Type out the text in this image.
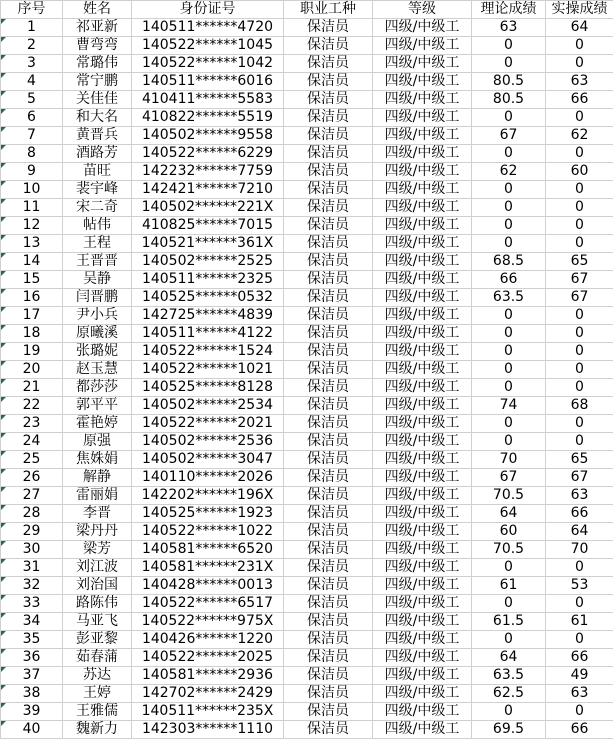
序号	姓名	身份证号	职业工种	等级	理论成绩	实操成绩

1	祁亚新	140511******4720	保洁员	四级/中级工	63	64

2	曹弯弯	140522******1045	保洁员	四级/中级工	0	0

3	常璐伟	140522******1042	保洁员	四级/中级工	0	0

4	常宁鹏	140511******6016	保洁员	四级/中级工	80.5	63

5	关佳佳	410411******5583	保洁员	四级/中级工	80.5	66

6	和大名	410822******5519	保洁员	四级/中级工	0	0

7	黄晋兵	140502******9558	保洁员	四级/中级工	67	62

8	酒路芳	140522******6229	保洁员	四级/中级工	0	0

9	苗旺	142232******7759	保洁员	四级/中级工	62	60

10	裴宇峰	142421******7210	保洁员	四级/中级工	0	0

11	宋二奇	140502******221X	保洁员	四级/中级工	0	0

12	帖伟	410825******7015	保洁员	四级/中级工	0	0

13	王程	140521******361X	保洁员	四级/中级工	0	0

14	王晋晋	140502******2525	保洁员	四级/中级工	68.5	65

15	吴静	140511******2325	保洁员	四级/中级工	66	67

16	闫晋鹏	140525******0532	保洁员	四级/中级工	63.5	67

17	尹小兵	142725******4839	保洁员	四级/中级工	0	0

18	原曦溪	140511******4122	保洁员	四级/中级工	0	0

19	张璐妮	140522******1524	保洁员	四级/中级工	0	0

20	赵玉慧	140522******1021	保洁员	四级/中级工	0	0

21	都莎莎	140525******8128	保洁员	四级/中级工	0	0

22	郭平平	140502******2534	保洁员	四级/中级工	74	68

23	霍艳婷	140522******2021	保洁员	四级/中级工	0	0

24	原强	140502******2536	保洁员	四级/中级工	0	0

25	焦姝娟	140502******3047	保洁员	四级/中级工	70	65

26	解静	140110******2026	保洁员	四级/中级工	67	67

27	雷丽娟	142202******196X	保洁员	四级/中级工	70.5	63

28	李晋	140525******1923	保洁员	四级/中级工	64	66

29	梁丹丹	140522******1022	保洁员	四级/中级工	60	64

30	梁芳	140581******6520	保洁员	四级/中级工	70.5	70

31	刘江波	140581******231X	保洁员	四级/中级工	0	0

32	刘治国	140428******0013	保洁员	四级/中级工	61	53

33	路陈伟	140522******6517	保洁员	四级/中级工	0	0

34	马亚飞	140522******975X	保洁员	四级/中级工	61.5	61

35	彭亚黎	140426******1220	保洁员	四级/中级工	0	0

36	茹春蒲	140522******2025	保洁员	四级/中级工	64	66

37	苏达	140581******2936	保洁员	四级/中级工	63.5	49

38	王婷	142702******2429	保洁员	四级/中级工	62.5	63

39	王雅儒	140511******235X	保洁员	四级/中级工	0	0

40	魏新力	142303******1110	保洁员	四级/中级工	69.5	66
